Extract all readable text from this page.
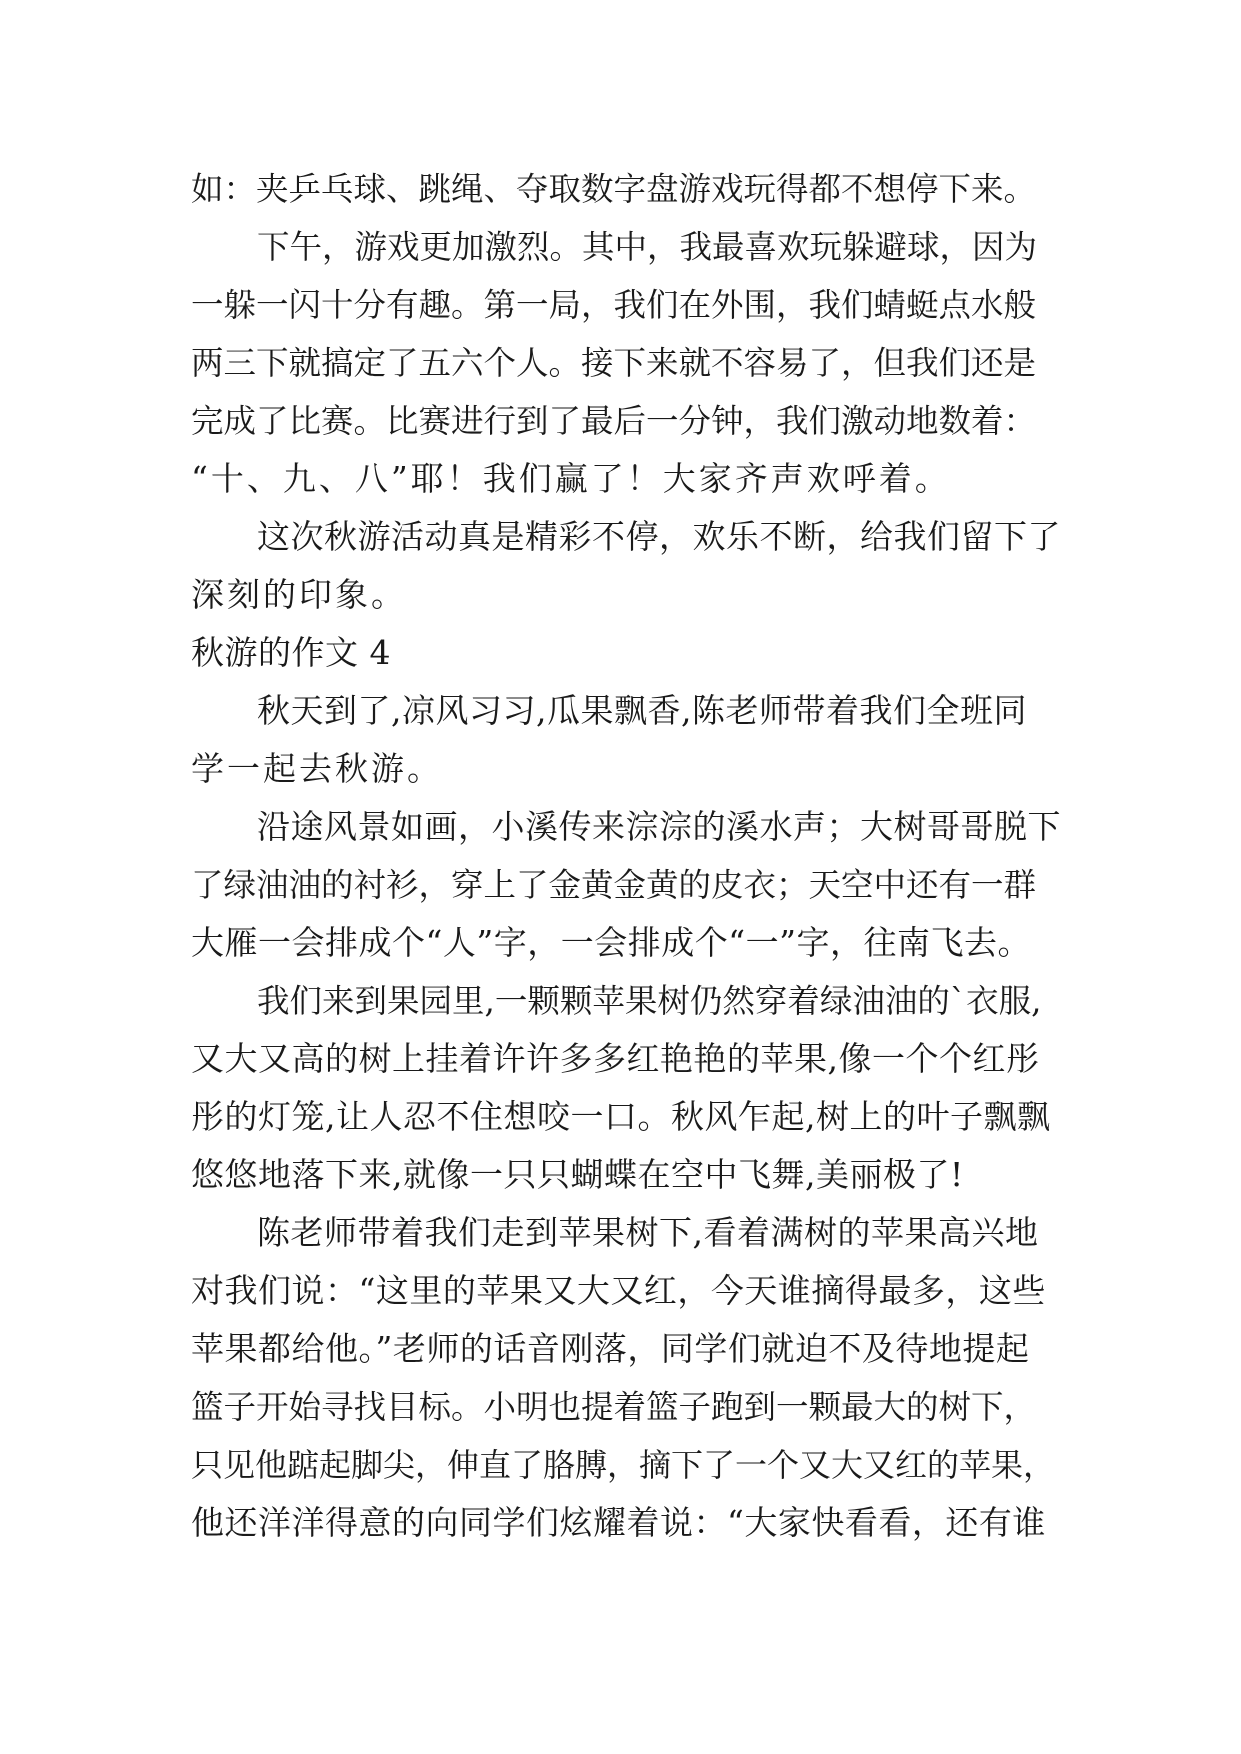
如：夹乒乓球、跳绳、夺取数字盘游戏玩得都不想停下来。
下午，游戏更加激烈。其中，我最喜欢玩躲避球，因为
一躲一闪十分有趣。第一局，我们在外围，我们蜻蜓点水般
两三下就搞定了五六个人。接下来就不容易了，但我们还是
完成了比赛。比赛进行到了最后一分钟，我们激动地数着：
“十、九、八”耶！我们赢了！大家齐声欢呼着。
这次秋游活动真是精彩不停，欢乐不断，给我们留下了
深刻的印象。
秋游的作文 4
秋天到了,凉风习习,瓜果飘香,陈老师带着我们全班同
学一起去秋游。
沿途风景如画，小溪传来淙淙的溪水声；大树哥哥脱下
了绿油油的衬衫，穿上了金黄金黄的皮衣；天空中还有一群
大雁一会排成个“人”字，一会排成个“一”字，往南飞去。
我们来到果园里,一颗颗苹果树仍然穿着绿油油的`衣服,
又大又高的树上挂着许许多多红艳艳的苹果,像一个个红彤
彤的灯笼,让人忍不住想咬一口。秋风乍起,树上的叶子飘飘
悠悠地落下来,就像一只只蝴蝶在空中飞舞,美丽极了!
陈老师带着我们走到苹果树下,看着满树的苹果高兴地
对我们说：“这里的苹果又大又红，今天谁摘得最多，这些
苹果都给他。”老师的话音刚落，同学们就迫不及待地提起
篮子开始寻找目标。小明也提着篮子跑到一颗最大的树下，
只见他踮起脚尖，伸直了胳膊，摘下了一个又大又红的苹果，
他还洋洋得意的向同学们炫耀着说：“大家快看看，还有谁
